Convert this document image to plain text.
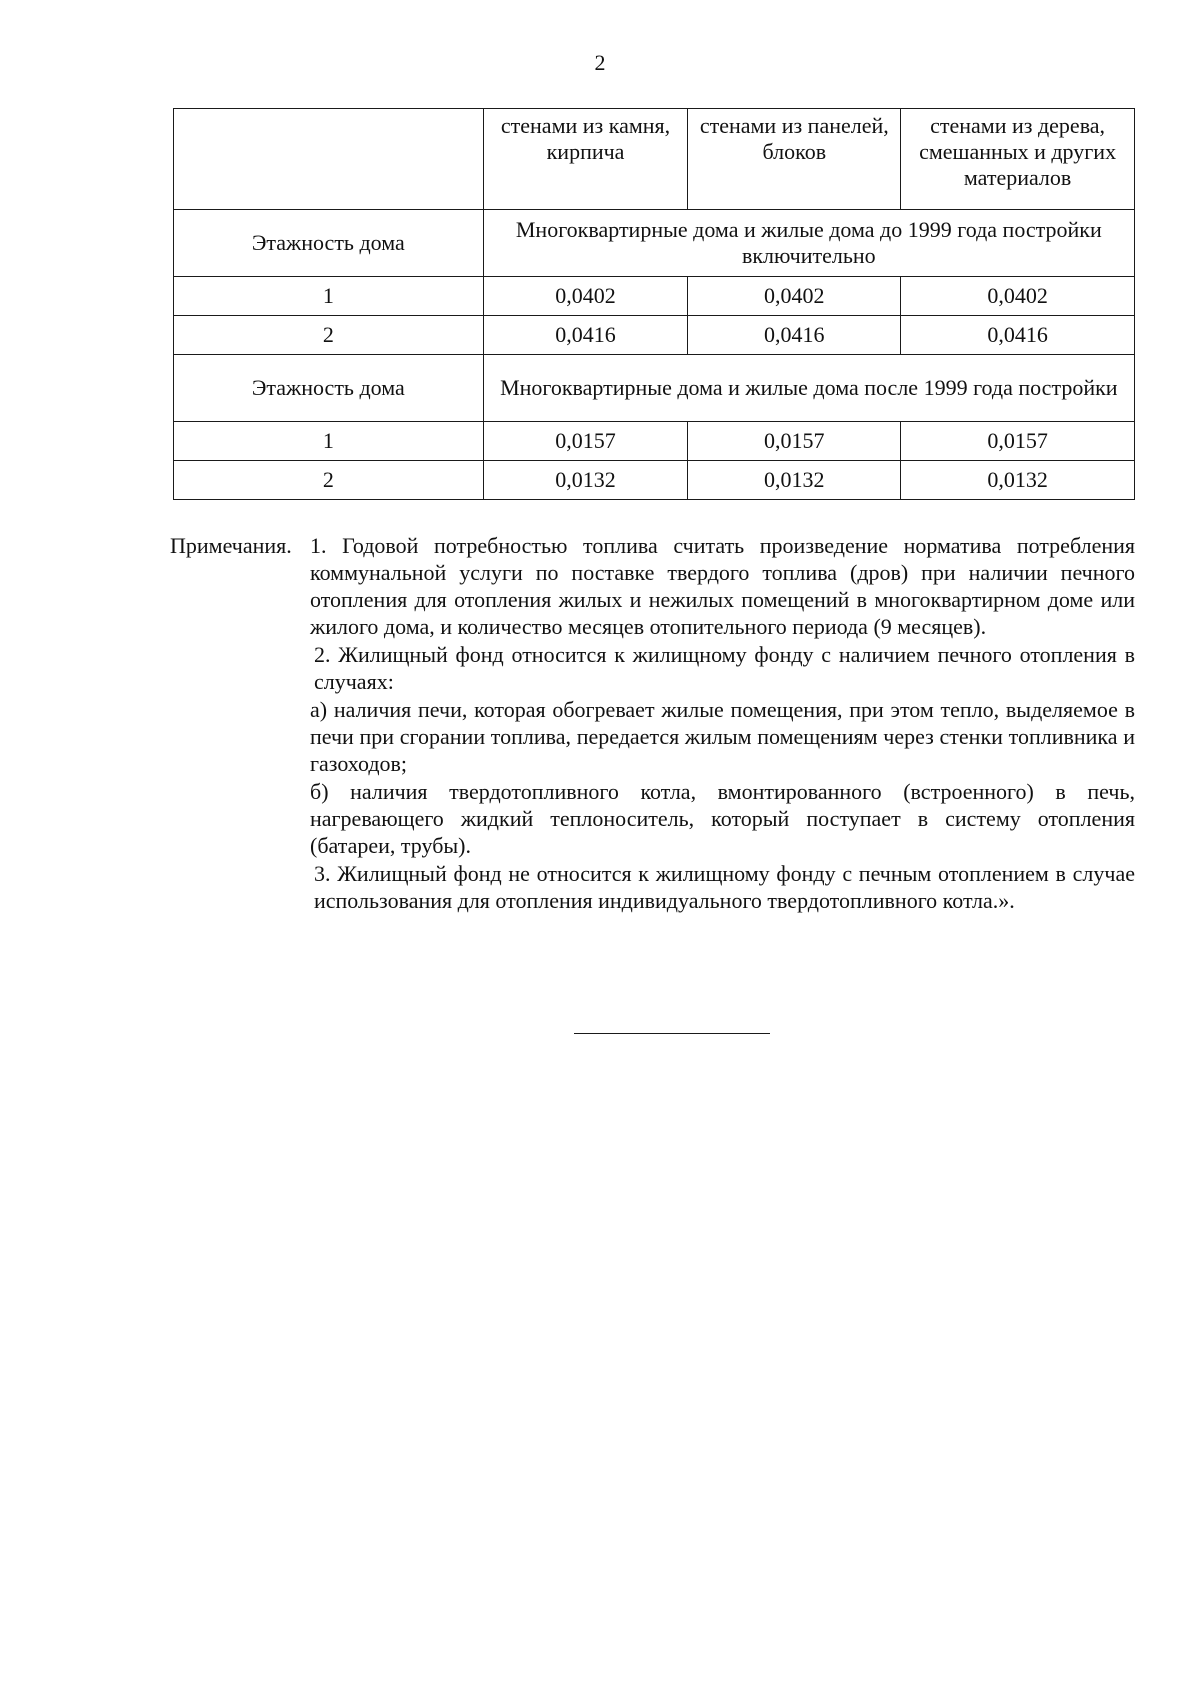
2
	стенами из камня, кирпича	стенами из панелей, блоков	стенами из дерева, смешанных и других материалов
Этажность дома	Многоквартирные дома и жилые дома до 1999 года постройки включительно		
1	0,0402	0,0402	0,0402
2	0,0416	0,0416	0,0416
Этажность дома	Многоквартирные дома и жилые дома после 1999 года постройки		
1	0,0157	0,0157	0,0157
2	0,0132	0,0132	0,0132
Примечания. 1. Годовой потребностью топлива считать произведение норматива потребления коммунальной услуги по поставке твердого топлива (дров) при наличии печного отопления для отопления жилых и нежилых помещений в многоквартирном доме или жилого дома, и количество месяцев отопительного периода (9 месяцев).

2. Жилищный фонд относится к жилищному фонду с наличием печного отопления в случаях:

а) наличия печи, которая обогревает жилые помещения, при этом тепло, выделяемое в печи при сгорании топлива, передается жилым помещениям через стенки топливника и газоходов;

б) наличия твердотопливного котла, вмонтированного (встроенного) в печь, нагревающего жидкий теплоноситель, который поступает в систему отопления (батареи, трубы).

3. Жилищный фонд не относится к жилищному фонду с печным отоплением в случае использования для отопления индивидуального твердотопливного котла.».
